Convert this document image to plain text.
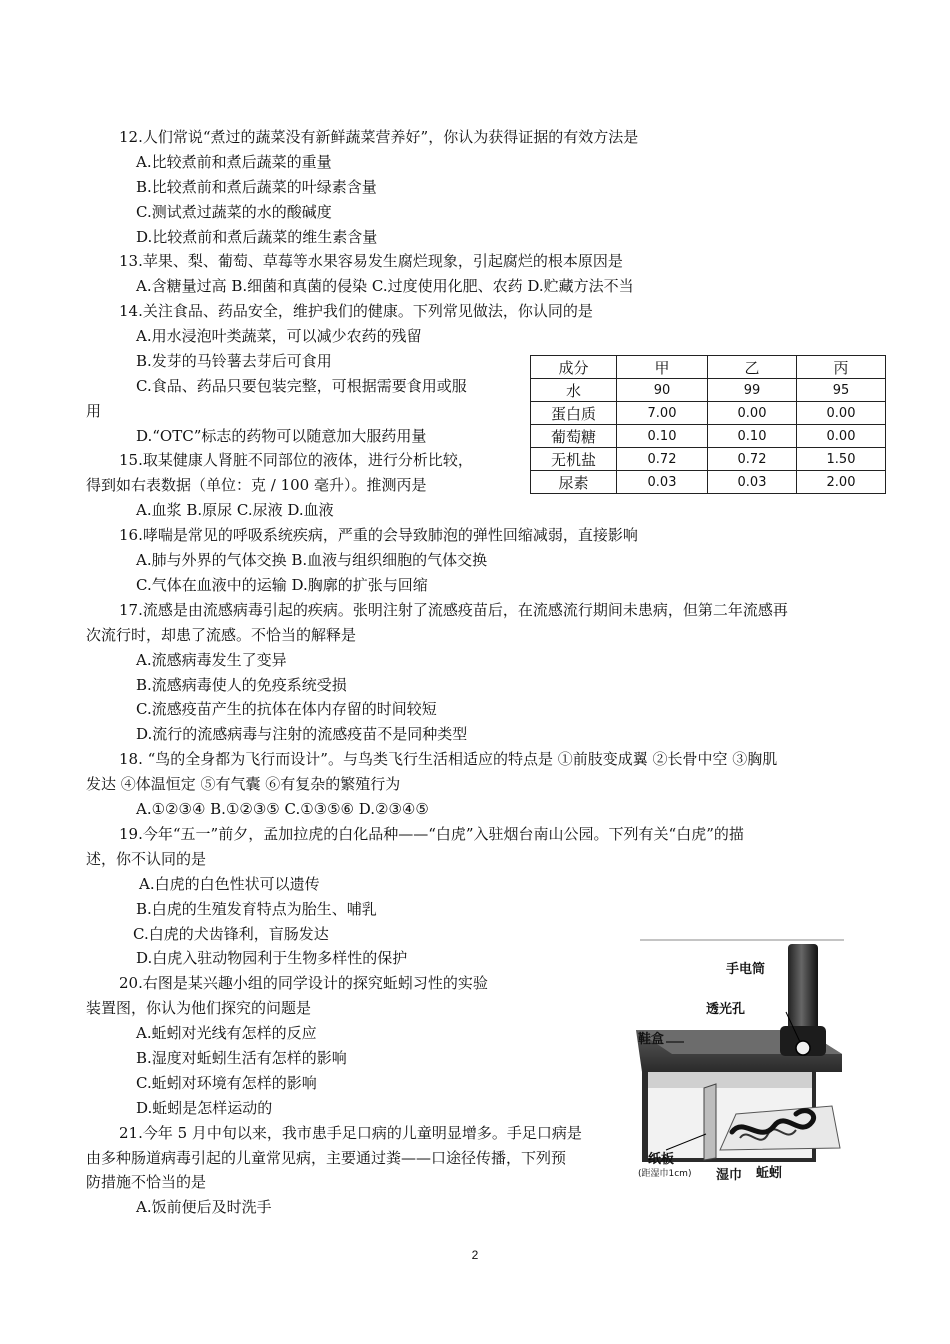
12.人们常说“煮过的蔬菜没有新鲜蔬菜营养好”，你认为获得证据的有效方法是
A.比较煮前和煮后蔬菜的重量
B.比较煮前和煮后蔬菜的叶绿素含量
C.测试煮过蔬菜的水的酸碱度
D.比较煮前和煮后蔬菜的维生素含量
13.苹果、梨、葡萄、草莓等水果容易发生腐烂现象，引起腐烂的根本原因是
A.含糖量过高 B.细菌和真菌的侵染 C.过度使用化肥、农药 D.贮藏方法不当
14.关注食品、药品安全，维护我们的健康。下列常见做法，你认同的是
A.用水浸泡叶类蔬菜，可以减少农药的残留
B.发芽的马铃薯去芽后可食用
C.食品、药品只要包装完整，可根据需要食用或服
用
D.“OTC”标志的药物可以随意加大服药用量
15.取某健康人肾脏不同部位的液体，进行分析比较，
得到如右表数据（单位：克 / 100 毫升）。推测丙是
A.血浆 B.原尿 C.尿液 D.血液
16.哮喘是常见的呼吸系统疾病，严重的会导致肺泡的弹性回缩减弱，直接影响
A.肺与外界的气体交换 B.血液与组织细胞的气体交换
C.气体在血液中的运输 D.胸廓的扩张与回缩
17.流感是由流感病毒引起的疾病。张明注射了流感疫苗后，在流感流行期间未患病，但第二年流感再
次流行时，却患了流感。不恰当的解释是
A.流感病毒发生了变异
B.流感病毒使人的免疫系统受损
C.流感疫苗产生的抗体在体内存留的时间较短
D.流行的流感病毒与注射的流感疫苗不是同种类型
18. “鸟的全身都为飞行而设计”。与鸟类飞行生活相适应的特点是 ①前肢变成翼 ②长骨中空 ③胸肌
发达 ④体温恒定 ⑤有气囊 ⑥有复杂的繁殖行为
A.①②③④ B.①②③⑤ C.①③⑤⑥ D.②③④⑤
19.今年“五一”前夕，孟加拉虎的白化品种——“白虎”入驻烟台南山公园。下列有关“白虎”的描
述，你不认同的是
A.白虎的白色性状可以遗传
B.白虎的生殖发育特点为胎生、哺乳
C.白虎的犬齿锋利，盲肠发达
D.白虎入驻动物园利于生物多样性的保护
20.右图是某兴趣小组的同学设计的探究蚯蚓习性的实验
装置图，你认为他们探究的问题是
A.蚯蚓对光线有怎样的反应
B.湿度对蚯蚓生活有怎样的影响
C.蚯蚓对环境有怎样的影响
D.蚯蚓是怎样运动的
21.今年 5 月中旬以来，我市患手足口病的儿童明显增多。手足口病是
由多种肠道病毒引起的儿童常见病，主要通过粪——口途径传播，下列预
防措施不恰当的是
A.饭前便后及时洗手
成分	甲	乙	丙
水	90	99	95
蛋白质	7.00	0.00	0.00
葡萄糖	0.10	0.10	0.00
无机盐	0.72	0.72	1.50
尿素	0.03	0.03	2.00
手电筒
透光孔
鞋盒
纸板
(距湿巾1cm) 湿巾 蚯蚓
2
